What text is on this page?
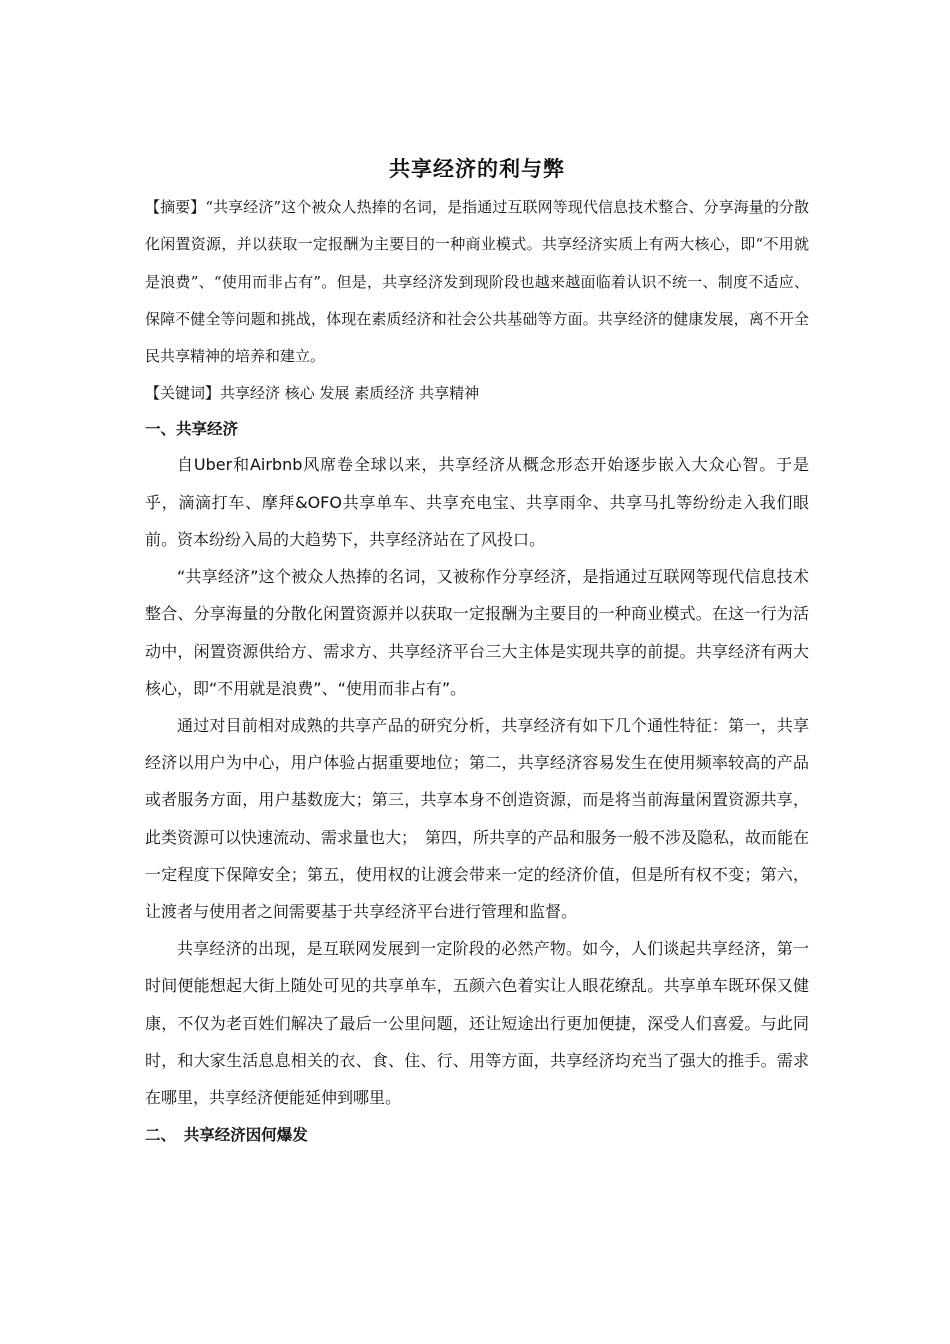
共享经济的利与弊

【摘要】“共享经济”这个被众人热捧的名词，是指通过互联网等现代信息技术整合、分享海量的分散化闲置资源，并以获取一定报酬为主要目的一种商业模式。共享经济实质上有两大核心，即“不用就是浪费”、“使用而非占有”。但是，共享经济发到现阶段也越来越面临着认识不统一、制度不适应、保障不健全等问题和挑战，体现在素质经济和社会公共基础等方面。共享经济的健康发展，离不开全民共享精神的培养和建立。

【关键词】共享经济 核心 发展 素质经济 共享精神

一、共享经济

自Uber和Airbnb风席卷全球以来，共享经济从概念形态开始逐步嵌入大众心智。于是乎，滴滴打车、摩拜&OFO共享单车、共享充电宝、共享雨伞、共享马扎等纷纷走入我们眼前。资本纷纷入局的大趋势下，共享经济站在了风投口。

“共享经济”这个被众人热捧的名词，又被称作分享经济，是指通过互联网等现代信息技术整合、分享海量的分散化闲置资源并以获取一定报酬为主要目的一种商业模式。在这一行为活动中，闲置资源供给方、需求方、共享经济平台三大主体是实现共享的前提。共享经济有两大核心，即“不用就是浪费”、“使用而非占有”。

通过对目前相对成熟的共享产品的研究分析，共享经济有如下几个通性特征：第一，共享经济以用户为中心，用户体验占据重要地位；第二，共享经济容易发生在使用频率较高的产品或者服务方面，用户基数庞大；第三，共享本身不创造资源，而是将当前海量闲置资源共享，此类资源可以快速流动、需求量也大；　第四，所共享的产品和服务一般不涉及隐私，故而能在一定程度下保障安全；第五，使用权的让渡会带来一定的经济价值，但是所有权不变；第六，让渡者与使用者之间需要基于共享经济平台进行管理和监督。

共享经济的出现，是互联网发展到一定阶段的必然产物。如今，人们谈起共享经济，第一时间便能想起大街上随处可见的共享单车，五颜六色着实让人眼花缭乱。共享单车既环保又健康，不仅为老百姓们解决了最后一公里问题，还让短途出行更加便捷，深受人们喜爱。与此同时，和大家生活息息相关的衣、食、住、行、用等方面，共享经济均充当了强大的推手。需求在哪里，共享经济便能延伸到哪里。

二、　共享经济因何爆发
